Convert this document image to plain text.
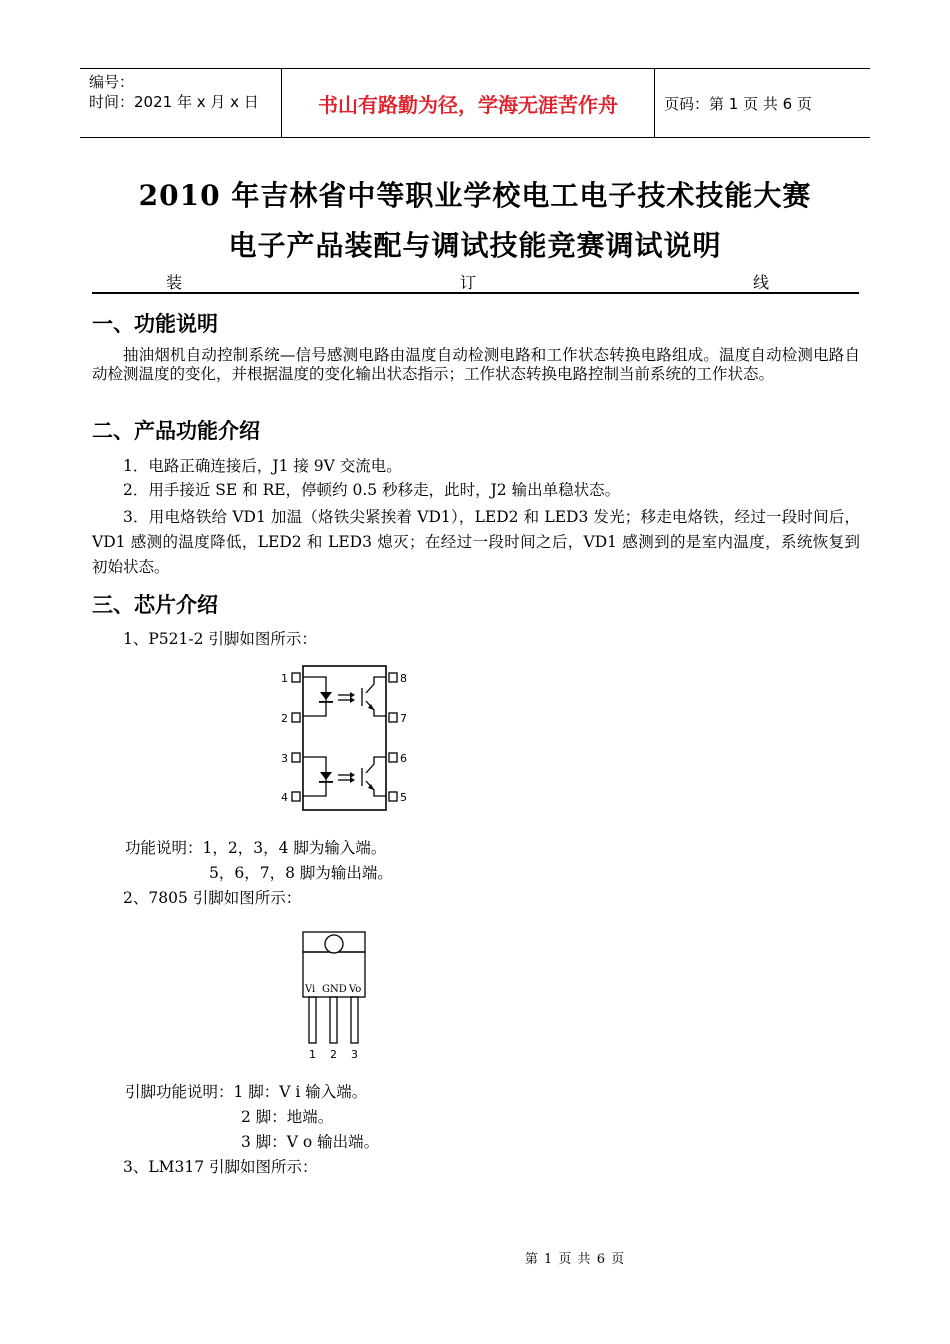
编号：
时间：2021 年 x 月 x 日	书山有路勤为径，学海无涯苦作舟	页码：第 1 页 共 6 页
2010 年吉林省中等职业学校电工电子技术技能大赛
电子产品装配与调试技能竞赛调试说明
装	订	线
一、功能说明

抽油烟机自动控制系统—信号感测电路由温度自动检测电路和工作状态转换电路组成。温度自动检测电路自动检测温度的变化，并根据温度的变化输出状态指示；工作状态转换电路控制当前系统的工作状态。

二、产品功能介绍
1．电路正确连接后，J1 接 9V 交流电。
2．用手接近 SE 和 RE，停顿约 0.5 秒移走，此时，J2 输出单稳状态。

3．用电烙铁给 VD1 加温（烙铁尖紧挨着 VD1），LED2 和 LED3 发光；移走电烙铁，经过一段时间后，VD1 感测的温度降低，LED2 和 LED3 熄灭；在经过一段时间之后，VD1 感测到的是室内温度，系统恢复到初始状态。

三、芯片介绍
1、P521-2 引脚如图所示：
1
2
3
4
8
7
6
5
功能说明：1，2，3，4 脚为输入端。
5，6，7，8 脚为输出端。
2、7805 引脚如图所示：
Vi GND Vo
1 2 3
引脚功能说明：1 脚：V i 输入端。
2 脚：地端。
3 脚：V o 输出端。
3、LM317 引脚如图所示：
第 1 页 共 6 页
